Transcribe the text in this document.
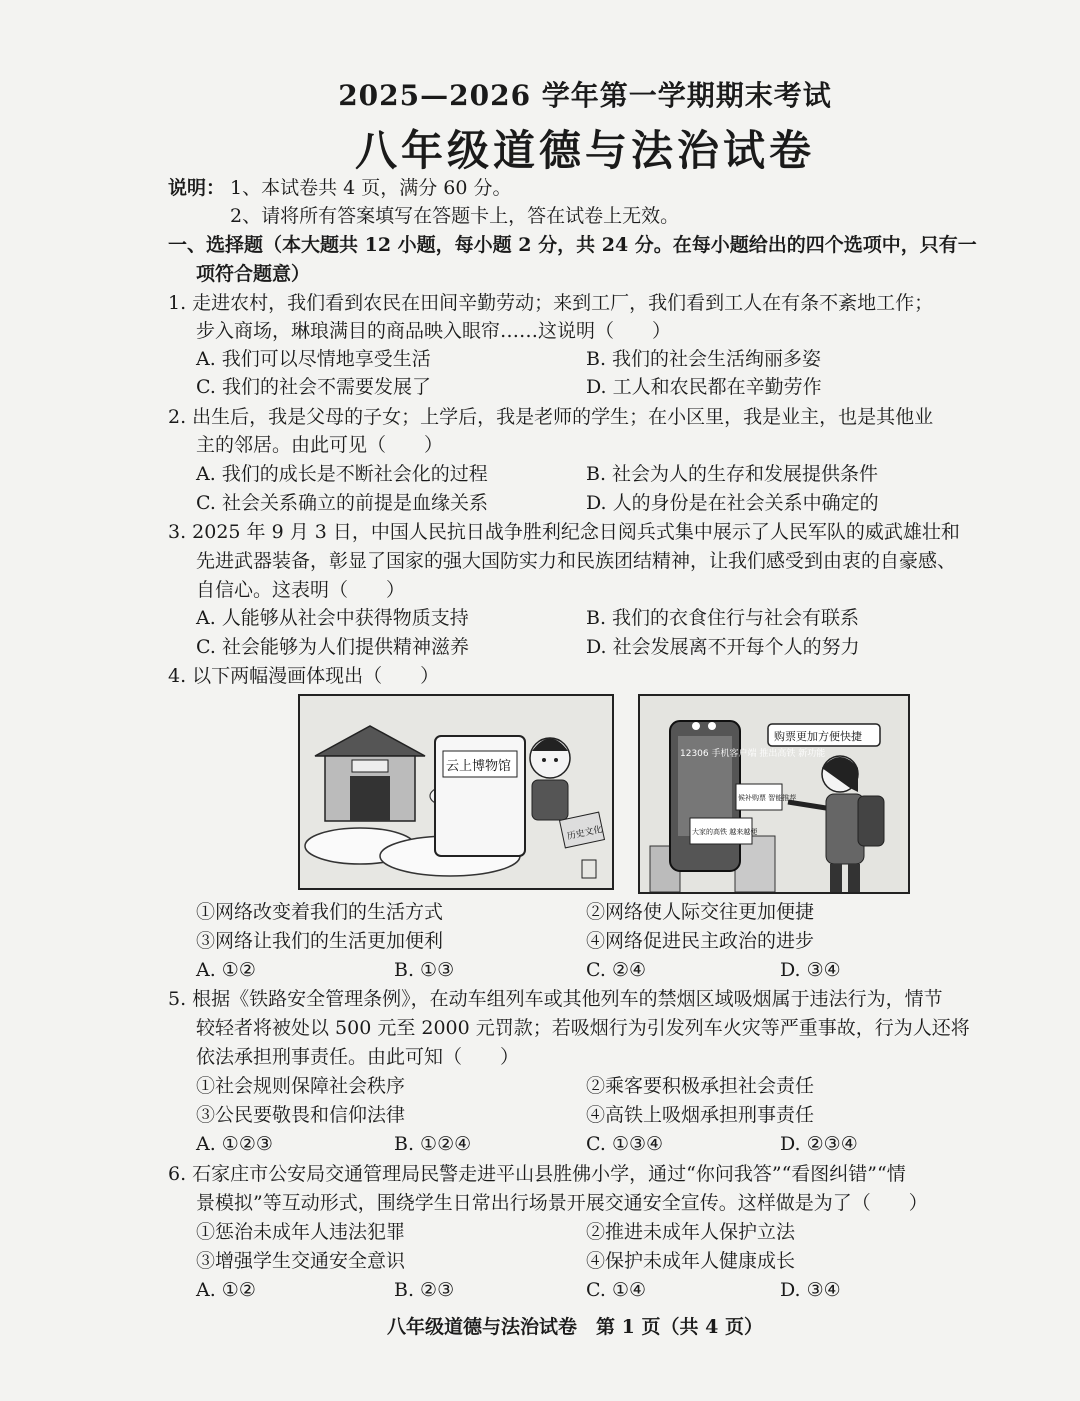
2025—2026 学年第一学期期末考试
八年级道德与法治试卷
说明： 1、本试卷共 4 页，满分 60 分。
2、请将所有答案填写在答题卡上，答在试卷上无效。
一、选择题（本大题共 12 小题，每小题 2 分，共 24 分。在每小题给出的四个选项中，只有一
项符合题意）
1. 走进农村，我们看到农民在田间辛勤劳动；来到工厂，我们看到工人在有条不紊地工作；
步入商场，琳琅满目的商品映入眼帘……这说明（　　）
A. 我们可以尽情地享受生活	B. 我们的社会生活绚丽多姿
C. 我们的社会不需要发展了	D. 工人和农民都在辛勤劳作
2. 出生后，我是父母的子女；上学后，我是老师的学生；在小区里，我是业主，也是其他业
主的邻居。由此可见（　　）
A. 我们的成长是不断社会化的过程	B. 社会为人的生存和发展提供条件
C. 社会关系确立的前提是血缘关系	D. 人的身份是在社会关系中确定的
3. 2025 年 9 月 3 日，中国人民抗日战争胜利纪念日阅兵式集中展示了人民军队的威武雄壮和
先进武器装备，彰显了国家的强大国防实力和民族团结精神，让我们感受到由衷的自豪感、
自信心。这表明（　　）
A. 人能够从社会中获得物质支持	B. 我们的衣食住行与社会有联系
C. 社会能够为人们提供精神滋养	D. 社会发展离不开每个人的努力
4. 以下两幅漫画体现出（　　）
云上博物馆
历史文化
12306 手机客户端 推出高铁 新功能
购票更加方便快捷
候补购票 智能推荐
大家的高铁 越来越便
①网络改变着我们的生活方式	②网络使人际交往更加便捷
③网络让我们的生活更加便利	④网络促进民主政治的进步
A. ①②	B. ①③	C. ②④	D. ③④
5. 根据《铁路安全管理条例》，在动车组列车或其他列车的禁烟区域吸烟属于违法行为，情节
较轻者将被处以 500 元至 2000 元罚款；若吸烟行为引发列车火灾等严重事故，行为人还将
依法承担刑事责任。由此可知（　　）
①社会规则保障社会秩序	②乘客要积极承担社会责任
③公民要敬畏和信仰法律	④高铁上吸烟承担刑事责任
A. ①②③	B. ①②④	C. ①③④	D. ②③④
6. 石家庄市公安局交通管理局民警走进平山县胜佛小学，通过“你问我答”“看图纠错”“情
景模拟”等互动形式，围绕学生日常出行场景开展交通安全宣传。这样做是为了（　　）
①惩治未成年人违法犯罪	②推进未成年人保护立法
③增强学生交通安全意识	④保护未成年人健康成长
A. ①②	B. ②③	C. ①④	D. ③④
八年级道德与法治试卷　第 1 页（共 4 页）
